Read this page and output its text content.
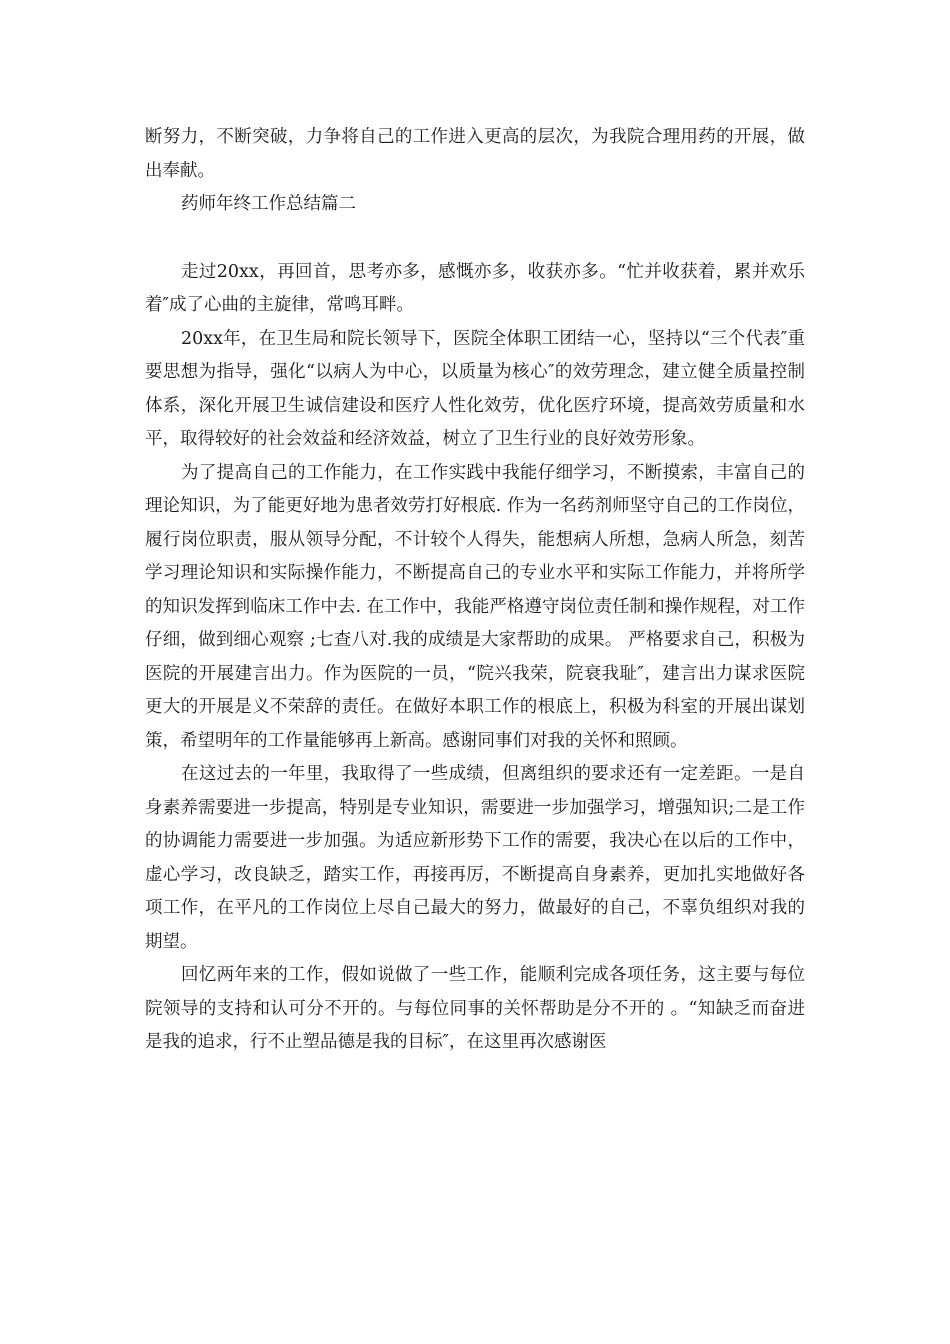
断努力，不断突破，力争将自己的工作进入更高的层次，为我院合理用药的开展，做出奉献。

药师年终工作总结篇二

走过20xx，再回首，思考亦多，感慨亦多，收获亦多。“忙并收获着，累并欢乐着″成了心曲的主旋律，常鸣耳畔。

20xx年，在卫生局和院长领导下，医院全体职工团结一心，坚持以“三个代表″重要思想为指导，强化“以病人为中心，以质量为核心″的效劳理念，建立健全质量控制体系，深化开展卫生诚信建设和医疗人性化效劳，优化医疗环境，提高效劳质量和水平，取得较好的社会效益和经济效益，树立了卫生行业的良好效劳形象。

为了提高自己的工作能力，在工作实践中我能仔细学习，不断摸索，丰富自己的理论知识，为了能更好地为患者效劳打好根底. 作为一名药剂师坚守自己的工作岗位，履行岗位职责，服从领导分配，不计较个人得失，能想病人所想，急病人所急，刻苦学习理论知识和实际操作能力，不断提高自己的专业水平和实际工作能力，并将所学的知识发挥到临床工作中去. 在工作中，我能严格遵守岗位责任制和操作规程，对工作仔细，做到细心观察 ;七查八对.我的成绩是大家帮助的成果。 严格要求自己，积极为医院的开展建言出力。作为医院的一员，“院兴我荣，院衰我耻″，建言出力谋求医院更大的开展是义不荣辞的责任。在做好本职工作的根底上，积极为科室的开展出谋划策，希望明年的工作量能够再上新高。感谢同事们对我的关怀和照顾。

在这过去的一年里，我取得了一些成绩，但离组织的要求还有一定差距。一是自身素养需要进一步提高，特别是专业知识，需要进一步加强学习，增强知识;二是工作的协调能力需要进一步加强。为适应新形势下工作的需要，我决心在以后的工作中，虚心学习，改良缺乏，踏实工作，再接再厉，不断提高自身素养，更加扎实地做好各项工作，在平凡的工作岗位上尽自己最大的努力，做最好的自己，不辜负组织对我的期望。

回忆两年来的工作，假如说做了一些工作，能顺利完成各项任务，这主要与每位院领导的支持和认可分不开的。与每位同事的关怀帮助是分不开的 。“知缺乏而奋进是我的追求，行不止塑品德是我的目标″，在这里再次感谢医
